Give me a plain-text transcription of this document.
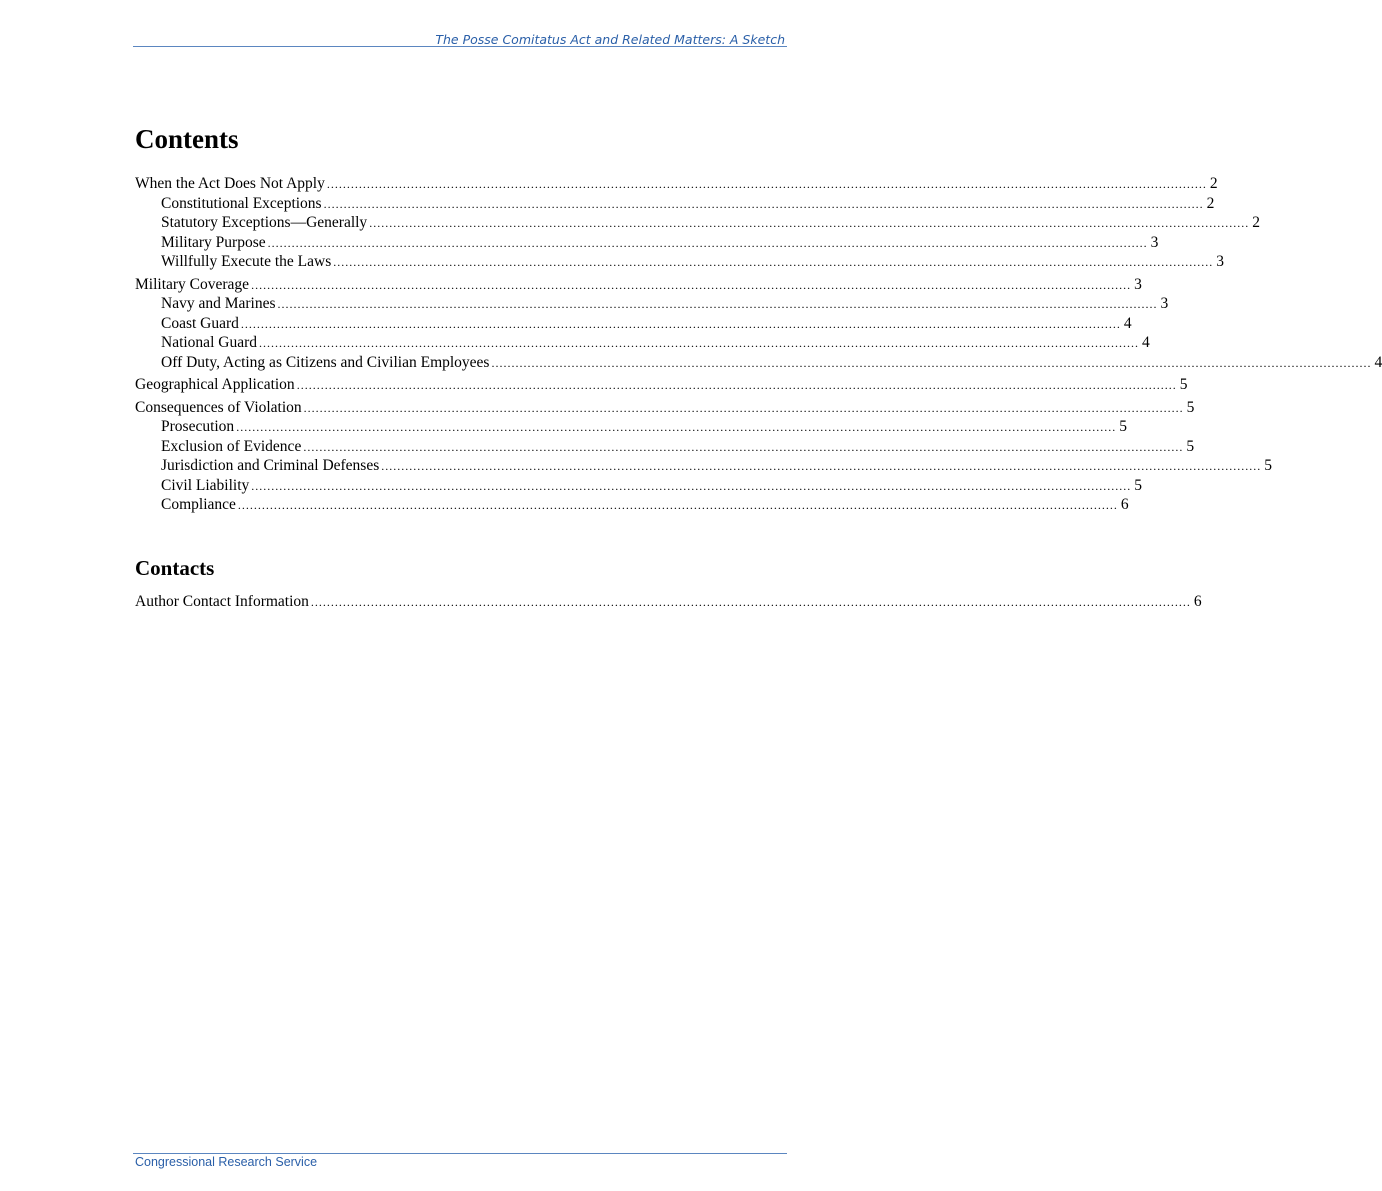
The Posse Comitatus Act and Related Matters: A Sketch
Contents
When the Act Does Not Apply ............................................................................................................................................................................................................................ 2
Constitutional Exceptions ............................................................................................................................................................................................................................ 2
Statutory Exceptions—Generally ............................................................................................................................................................................................................................ 2
Military Purpose ............................................................................................................................................................................................................................ 3
Willfully Execute the Laws ............................................................................................................................................................................................................................ 3
Military Coverage ............................................................................................................................................................................................................................ 3
Navy and Marines ............................................................................................................................................................................................................................ 3
Coast Guard ............................................................................................................................................................................................................................ 4
National Guard ............................................................................................................................................................................................................................ 4
Off Duty, Acting as Citizens and Civilian Employees ............................................................................................................................................................................................................................ 4
Geographical Application ............................................................................................................................................................................................................................ 5
Consequences of Violation ............................................................................................................................................................................................................................ 5
Prosecution ............................................................................................................................................................................................................................ 5
Exclusion of Evidence ............................................................................................................................................................................................................................ 5
Jurisdiction and Criminal Defenses ............................................................................................................................................................................................................................ 5
Civil Liability ............................................................................................................................................................................................................................ 5
Compliance ............................................................................................................................................................................................................................ 6
Contacts
Author Contact Information ............................................................................................................................................................................................................................ 6
Congressional Research Service
